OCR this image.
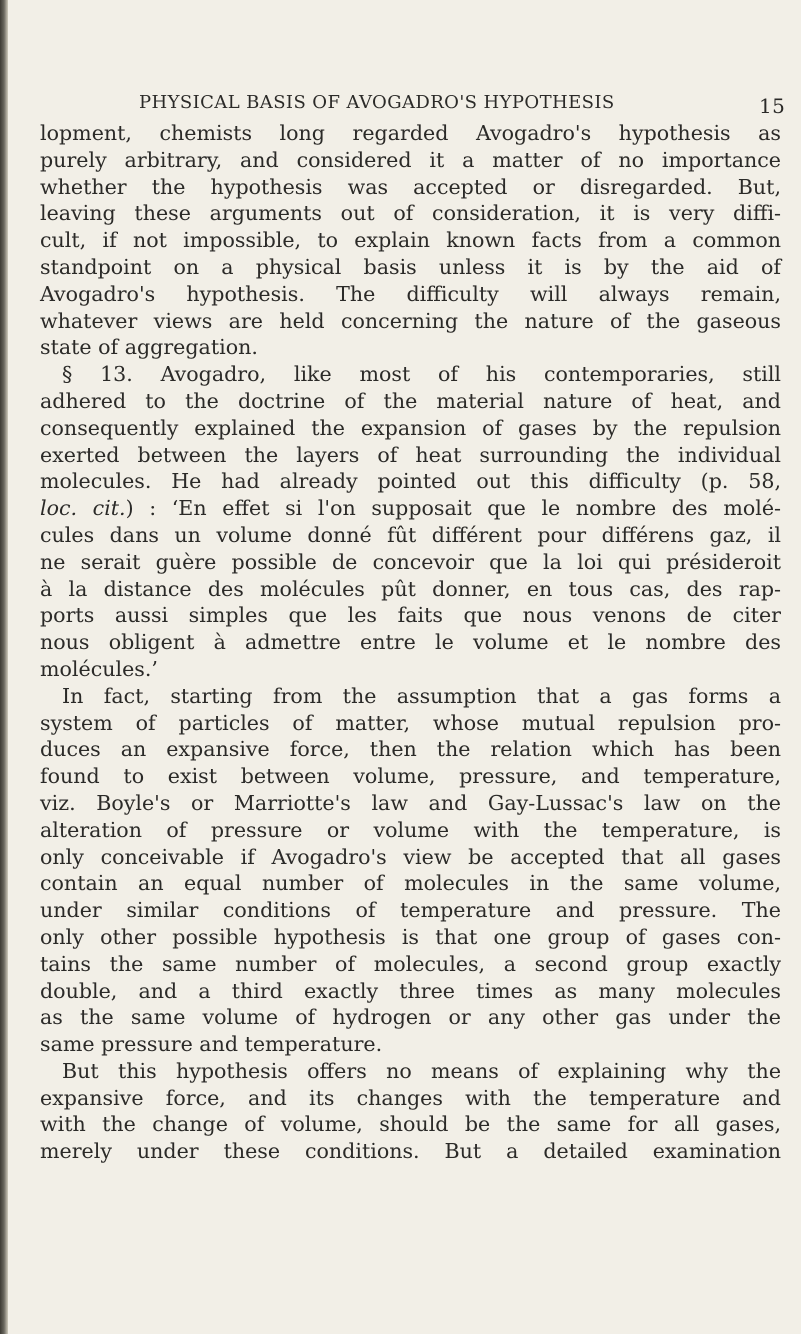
PHYSICAL BASIS OF AVOGADRO'S HYPOTHESIS	15
lopment, chemists long regarded Avogadro's hypothesis as
purely arbitrary, and considered it a matter of no importance
whether the hypothesis was accepted or disregarded. But,
leaving these arguments out of consideration, it is very diffi-
cult, if not impossible, to explain known facts from a common
standpoint on a physical basis unless it is by the aid of
Avogadro's hypothesis. The difficulty will always remain,
whatever views are held concerning the nature of the gaseous
state of aggregation.
§ 13. Avogadro, like most of his contemporaries, still
adhered to the doctrine of the material nature of heat, and
consequently explained the expansion of gases by the repulsion
exerted between the layers of heat surrounding the individual
molecules. He had already pointed out this difficulty (p. 58,
loc. cit.) : ‘En effet si l'on supposait que le nombre des molé-
cules dans un volume donné fût différent pour différens gaz, il
ne serait guère possible de concevoir que la loi qui présideroit
à la distance des molécules pût donner, en tous cas, des rap-
ports aussi simples que les faits que nous venons de citer
nous obligent à admettre entre le volume et le nombre des
molécules.’
In fact, starting from the assumption that a gas forms a
system of particles of matter, whose mutual repulsion pro-
duces an expansive force, then the relation which has been
found to exist between volume, pressure, and temperature,
viz. Boyle's or Marriotte's law and Gay-Lussac's law on the
alteration of pressure or volume with the temperature, is
only conceivable if Avogadro's view be accepted that all gases
contain an equal number of molecules in the same volume,
under similar conditions of temperature and pressure. The
only other possible hypothesis is that one group of gases con-
tains the same number of molecules, a second group exactly
double, and a third exactly three times as many molecules
as the same volume of hydrogen or any other gas under the
same pressure and temperature.
But this hypothesis offers no means of explaining why the
expansive force, and its changes with the temperature and
with the change of volume, should be the same for all gases,
merely under these conditions. But a detailed examination
